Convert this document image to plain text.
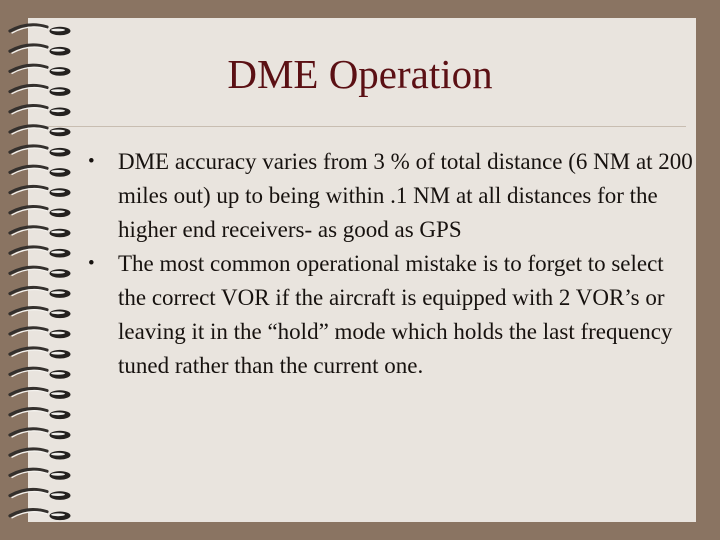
DME Operation
•	DME accuracy varies from 3 % of total distance (6 NM at 200 miles out) up to being within .1 NM at all distances for the higher end receivers- as good as GPS
•	The most common operational mistake is to forget to select the correct VOR if the aircraft is equipped with 2 VOR’s or leaving it in the “hold” mode which holds the last frequency tuned rather than the current one.
